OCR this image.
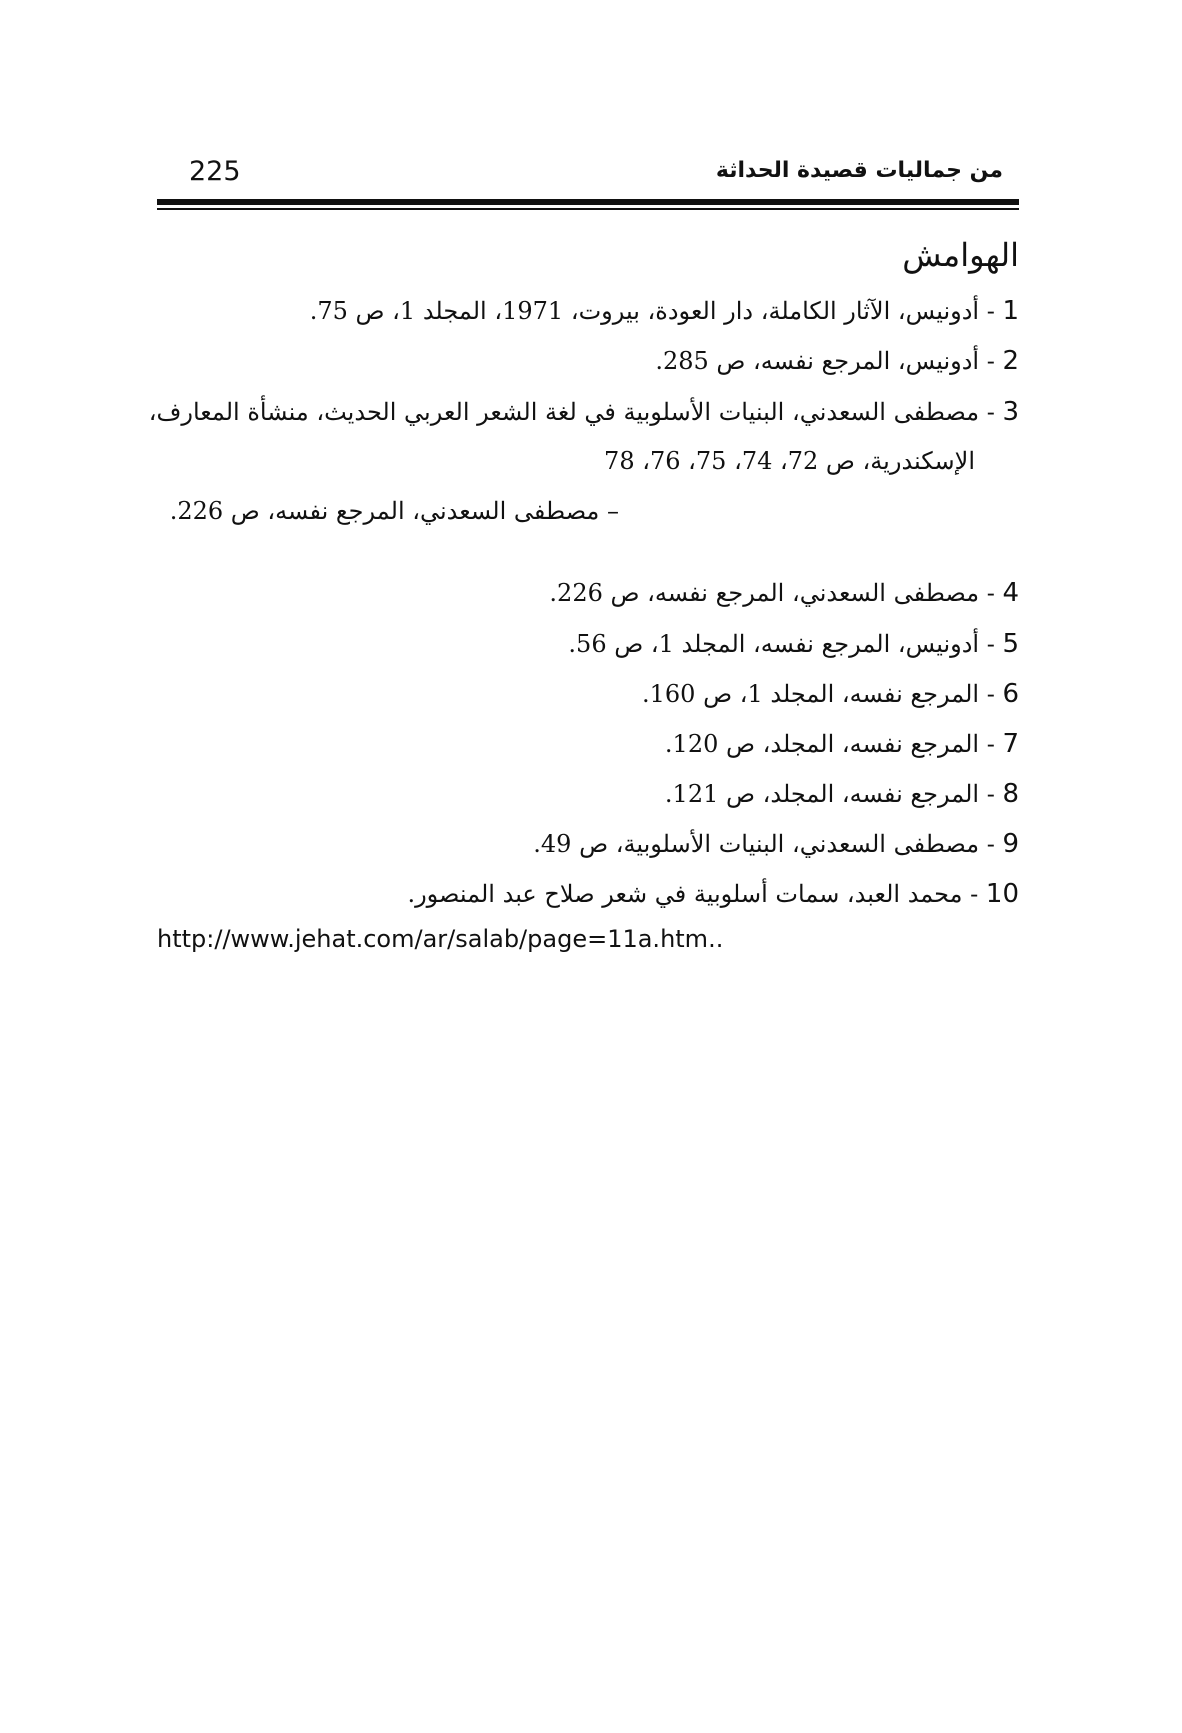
225	من جماليات قصيدة الحداثة
الهوامش
1 - أدونيس، الآثار الكاملة، دار العودة، بيروت، 1971، المجلد 1، ص 75.
2 - أدونيس، المرجع نفسه، ص 285.
3 - مصطفى السعدني، البنيات الأسلوبية في لغة الشعر العربي الحديث، منشأة المعارف،
الإسكندرية، ص 72، 74، 75، 76، 78
– مصطفى السعدني، المرجع نفسه، ص 226.
4 - مصطفى السعدني، المرجع نفسه، ص 226.
5 - أدونيس، المرجع نفسه، المجلد 1، ص 56.
6 - المرجع نفسه، المجلد 1، ص 160.
7 - المرجع نفسه، المجلد، ص 120.
8 - المرجع نفسه، المجلد، ص 121.
9 - مصطفى السعدني، البنيات الأسلوبية، ص 49.
10 - محمد العبد، سمات أسلوبية في شعر صلاح عبد المنصور.
http://www.jehat.com/ar/salab/page=11a.htm..
